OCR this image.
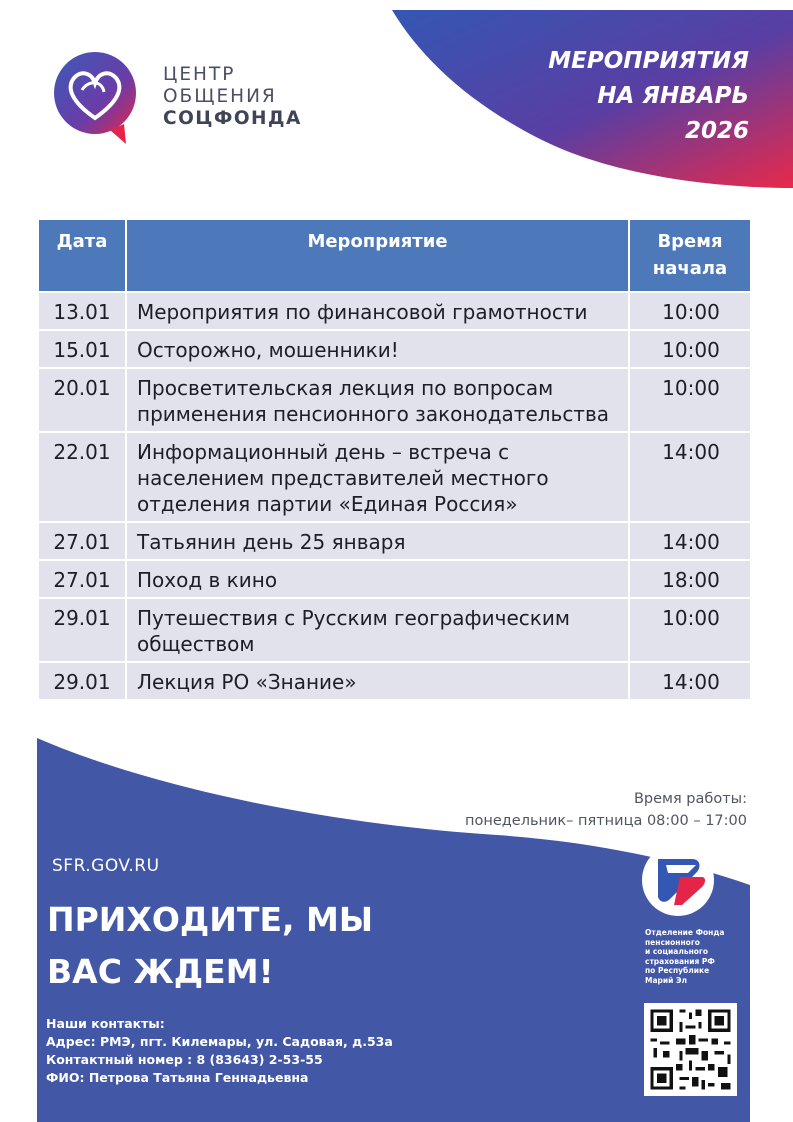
ЦЕНТР
ОБЩЕНИЯ
СОЦФОНДА
МЕРОПРИЯТИЯ
НА ЯНВАРЬ
2026
Дата	Мероприятие	Время
начала

13.01	Мероприятия по финансовой грамотности	10:00
15.01	Осторожно, мошенники!	10:00
20.01	Просветительская лекция по вопросам применения пенсионного законодательства	10:00
22.01	Информационный день – встреча с населением представителей местного отделения партии «Единая Россия»	14:00
27.01	Татьянин день 25 января	14:00
27.01	Поход в кино	18:00
29.01	Путешествия с Русским географическим обществом	10:00
29.01	Лекция РО «Знание»	14:00
Время работы:
понедельник– пятница 08:00 – 17:00
SFR.GOV.RU
ПРИХОДИТЕ, МЫ
ВАС ЖДЕМ!
Наши контакты:
Адрес: РМЭ, пгт. Килемары, ул. Садовая, д.53а
Контактный номер : 8 (83643) 2-53-55
ФИО: Петрова Татьяна Геннадьевна
Отделение Фонда
пенсионного
и социального
страхования РФ
по Республике
Марий Эл
